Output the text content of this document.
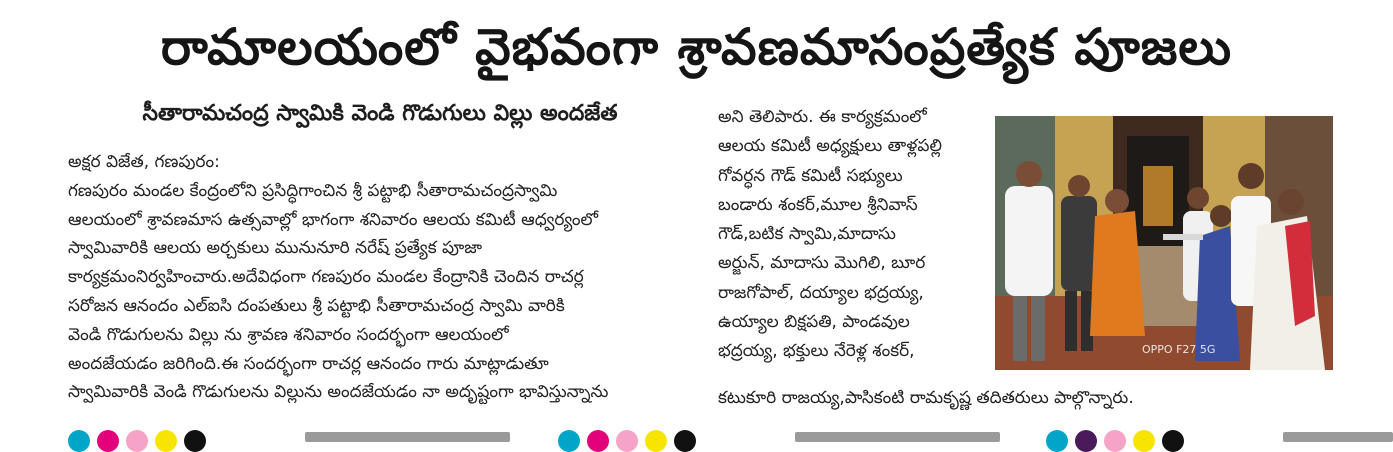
రామాలయంలో వైభవంగా శ్రావణమాసంప్రత్యేక పూజలు
సీతారామచంద్ర స్వామికి వెండి గొడుగులు విల్లు అందజేత
అక్షర విజేత, గణపురం:
గణపురం మండల కేంద్రంలోని ప్రసిద్ధిగాంచిన శ్రీ పట్టాభి సీతారామచంద్రస్వామి
ఆలయంలో శ్రావణమాస ఉత్సవాల్లో భాగంగా శనివారం ఆలయ కమిటీ ఆధ్వర్యంలో
స్వామివారికి ఆలయ అర్చకులు మునునూరి నరేష్ ప్రత్యేక పూజా
కార్యక్రమంనిర్వహించారు.అదేవిధంగా గణపురం మండల కేంద్రానికి చెందిన రాచర్ల
సరోజన ఆనందం ఎల్ఐసి దంపతులు శ్రీ పట్టాభి సీతారామచంద్ర స్వామి వారికి
వెండి గొడుగులను విల్లు ను శ్రావణ శనివారం సందర్భంగా ఆలయంలో
అందజేయడం జరిగింది.ఈ సందర్భంగా రాచర్ల ఆనందం గారు మాట్లాడుతూ
స్వామివారికి వెండి గొడుగులను విల్లును అందజేయడం నా అదృష్టంగా భావిస్తున్నాను
అని తెలిపారు. ఈ కార్యక్రమంలో
ఆలయ కమిటీ అధ్యక్షులు తాళ్లపల్లి
గోవర్ధన గౌడ్ కమిటీ సభ్యులు
బండారు శంకర్,మూల శ్రీనివాస్
గౌడ్,బటిక స్వామి,మాదాసు
అర్జున్, మాదాసు మొగిలి, బూర
రాజగోపాల్, దయ్యాల భద్రయ్య,
ఉయ్యాల బిక్షపతి, పాండవుల
భద్రయ్య, భక్తులు నేరెళ్ల శంకర్,
కటుకూరి రాజయ్య,పాసికంటి రామకృష్ణ తదితరులు పాల్గొన్నారు.
OPPO F27 5G
